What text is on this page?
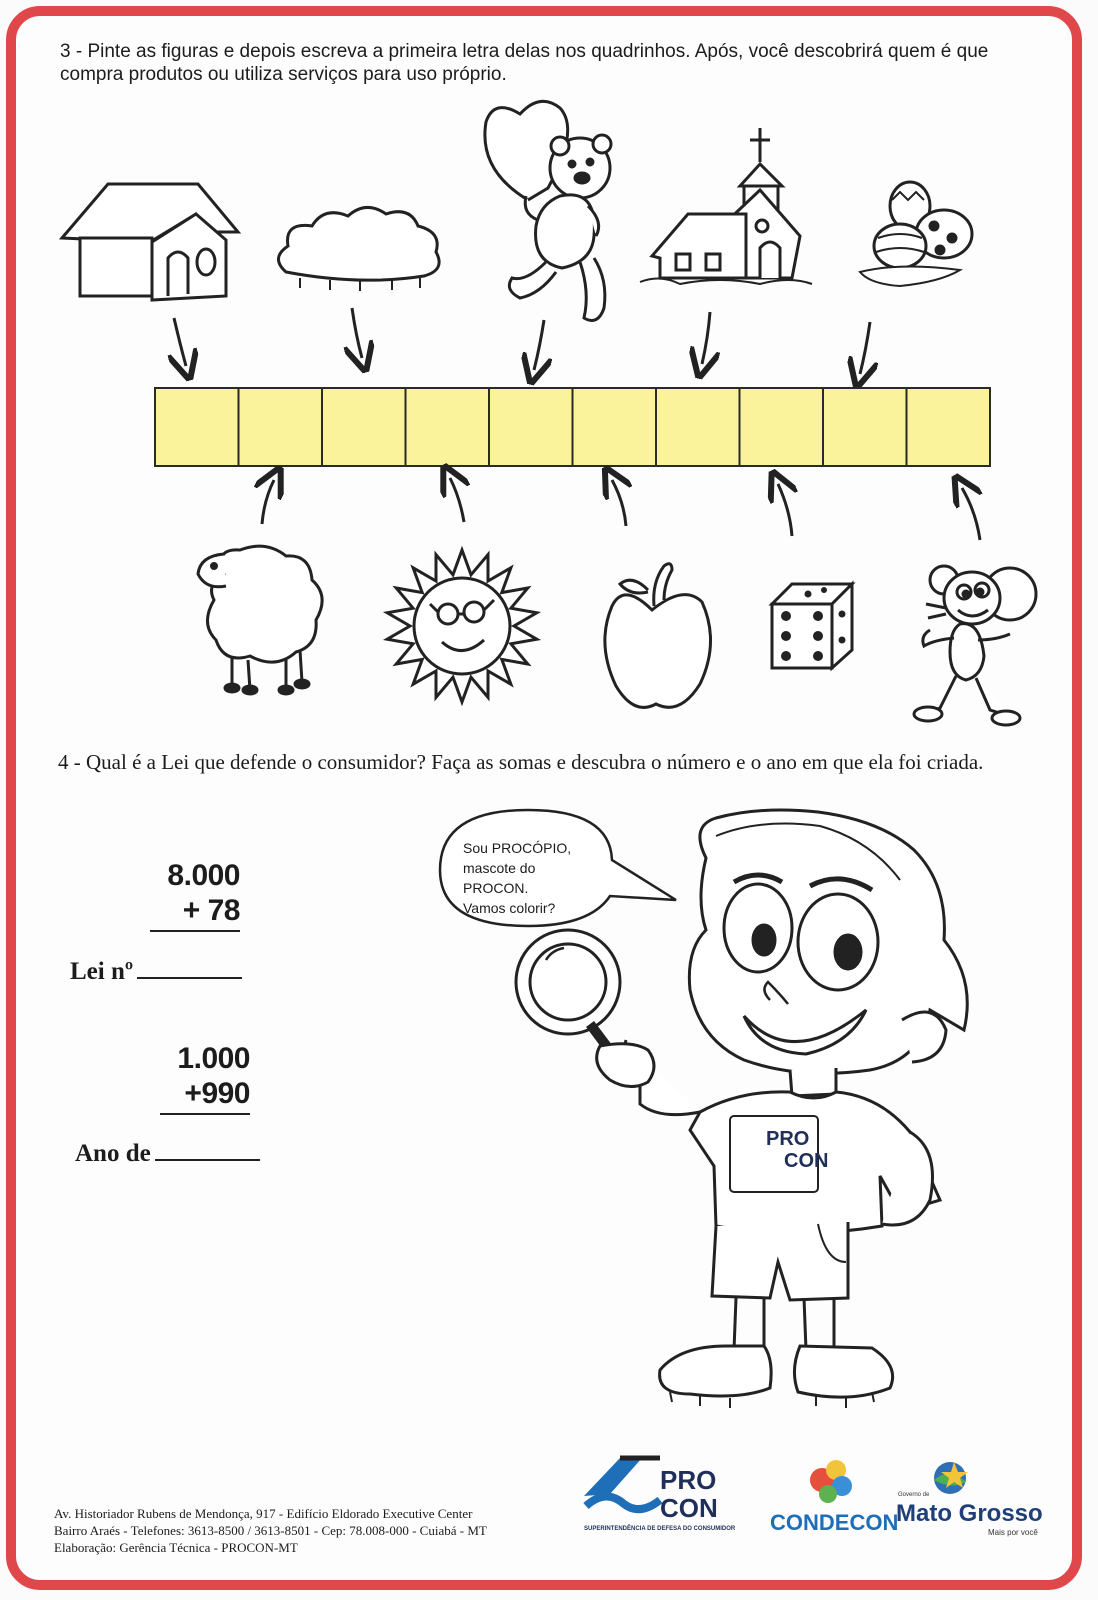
3 - Pinte as figuras e depois escreva a primeira letra delas nos quadrinhos. Após, você descobrirá quem é que compra produtos ou utiliza serviços para uso próprio.
4 - Qual é a Lei que defende o consumidor? Faça as somas e descubra o número e o ano em que ela foi criada.
8.000
+ 78
Lei nº
1.000
+990
Ano de
Sou PROCÓPIO,
mascote do PROCON.
Vamos colorir?
PRO
CON
Av. Historiador Rubens de Mendonça, 917 - Edifício Eldorado Executive Center
Bairro Araés - Telefones: 3613-8500 / 3613-8501 - Cep: 78.008-000 - Cuiabá - MT
Elaboração: Gerência Técnica - PROCON-MT
PRO
CON
SUPERINTENDÊNCIA DE DEFESA DO CONSUMIDOR CONDECON
Governo de
Mato Grosso
Mais por você
